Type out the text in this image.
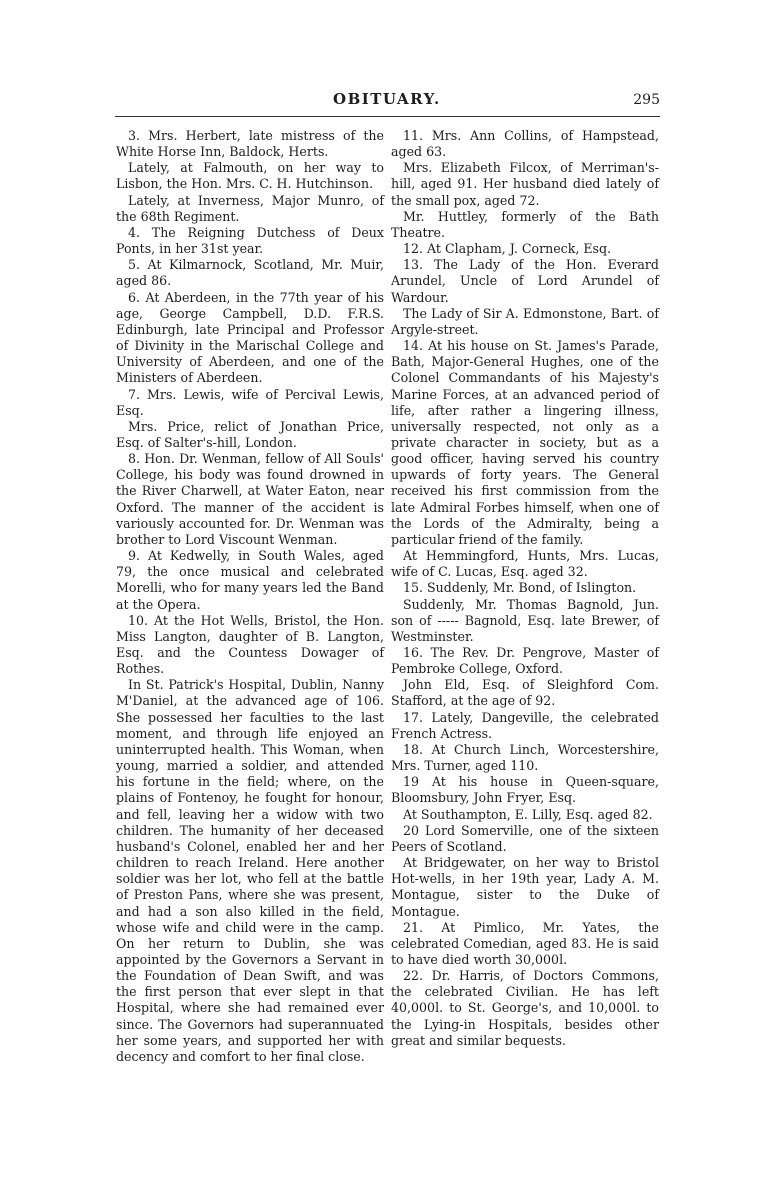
OBITUARY.	295

3. Mrs. Herbert, late mistress of the White Horse Inn, Baldock, Herts.

Lately, at Falmouth, on her way to Lisbon, the Hon. Mrs. C. H. Hutchinson.

Lately, at Inverness, Major Munro, of the 68th Regiment.

4. The Reigning Dutchess of Deux Ponts, in her 31st year.

5. At Kilmarnock, Scotland, Mr. Muir, aged 86.

6. At Aberdeen, in the 77th year of his age, George Campbell, D.D. F.R.S. Edinburgh, late Principal and Professor of Divinity in the Marischal College and University of Aberdeen, and one of the Ministers of Aberdeen.

7. Mrs. Lewis, wife of Percival Lewis, Esq.

Mrs. Price, relict of Jonathan Price, Esq. of Salter's-hill, London.

8. Hon. Dr. Wenman, fellow of All Souls' College, his body was found drowned in the River Charwell, at Water Eaton, near Oxford. The manner of the accident is variously accounted for. Dr. Wenman was brother to Lord Viscount Wenman.

9. At Kedwelly, in South Wales, aged 79, the once musical and celebrated Morelli, who for many years led the Band at the Opera.

10. At the Hot Wells, Bristol, the Hon. Miss Langton, daughter of B. Langton, Esq. and the Countess Dowager of Rothes.

In St. Patrick's Hospital, Dublin, Nanny M'Daniel, at the advanced age of 106. She possessed her faculties to the last moment, and through life enjoyed an uninterrupted health. This Woman, when young, married a soldier, and attended his fortune in the field; where, on the plains of Fontenoy, he fought for honour, and fell, leaving her a widow with two children. The humanity of her deceased husband's Colonel, enabled her and her children to reach Ireland. Here another soldier was her lot, who fell at the battle of Preston Pans, where she was present, and had a son also killed in the field, whose wife and child were in the camp. On her return to Dublin, she was appointed by the Governors a Servant in the Foundation of Dean Swift, and was the first person that ever slept in that Hospital, where she had remained ever since. The Governors had superannuated her some years, and supported her with decency and comfort to her final close.

11. Mrs. Ann Collins, of Hampstead, aged 63.

Mrs. Elizabeth Filcox, of Merriman's-hill, aged 91. Her husband died lately of the small pox, aged 72.

Mr. Huttley, formerly of the Bath Theatre.

12. At Clapham, J. Corneck, Esq.

13. The Lady of the Hon. Everard Arundel, Uncle of Lord Arundel of Wardour.

The Lady of Sir A. Edmonstone, Bart. of Argyle-street.

14. At his house on St. James's Parade, Bath, Major-General Hughes, one of the Colonel Commandants of his Majesty's Marine Forces, at an advanced period of life, after rather a lingering illness, universally respected, not only as a private character in society, but as a good officer, having served his country upwards of forty years. The General received his first commission from the late Admiral Forbes himself, when one of the Lords of the Admiralty, being a particular friend of the family.

At Hemmingford, Hunts, Mrs. Lucas, wife of C. Lucas, Esq. aged 32.

15. Suddenly, Mr. Bond, of Islington.

Suddenly, Mr. Thomas Bagnold, Jun. son of ----- Bagnold, Esq. late Brewer, of Westminster.

16. The Rev. Dr. Pengrove, Master of Pembroke College, Oxford.

John Eld, Esq. of Sleighford Com. Stafford, at the age of 92.

17. Lately, Dangeville, the celebrated French Actress.

18. At Church Linch, Worcestershire, Mrs. Turner, aged 110.

19 At his house in Queen-square, Bloomsbury, John Fryer, Esq.

At Southampton, E. Lilly, Esq. aged 82.

20 Lord Somerville, one of the sixteen Peers of Scotland.

At Bridgewater, on her way to Bristol Hot-wells, in her 19th year, Lady A. M. Montague, sister to the Duke of Montague.

21. At Pimlico, Mr. Yates, the celebrated Comedian, aged 83. He is said to have died worth 30,000l.

22. Dr. Harris, of Doctors Commons, the celebrated Civilian. He has left 40,000l. to St. George's, and 10,000l. to the Lying-in Hospitals, besides other great and similar bequests.
